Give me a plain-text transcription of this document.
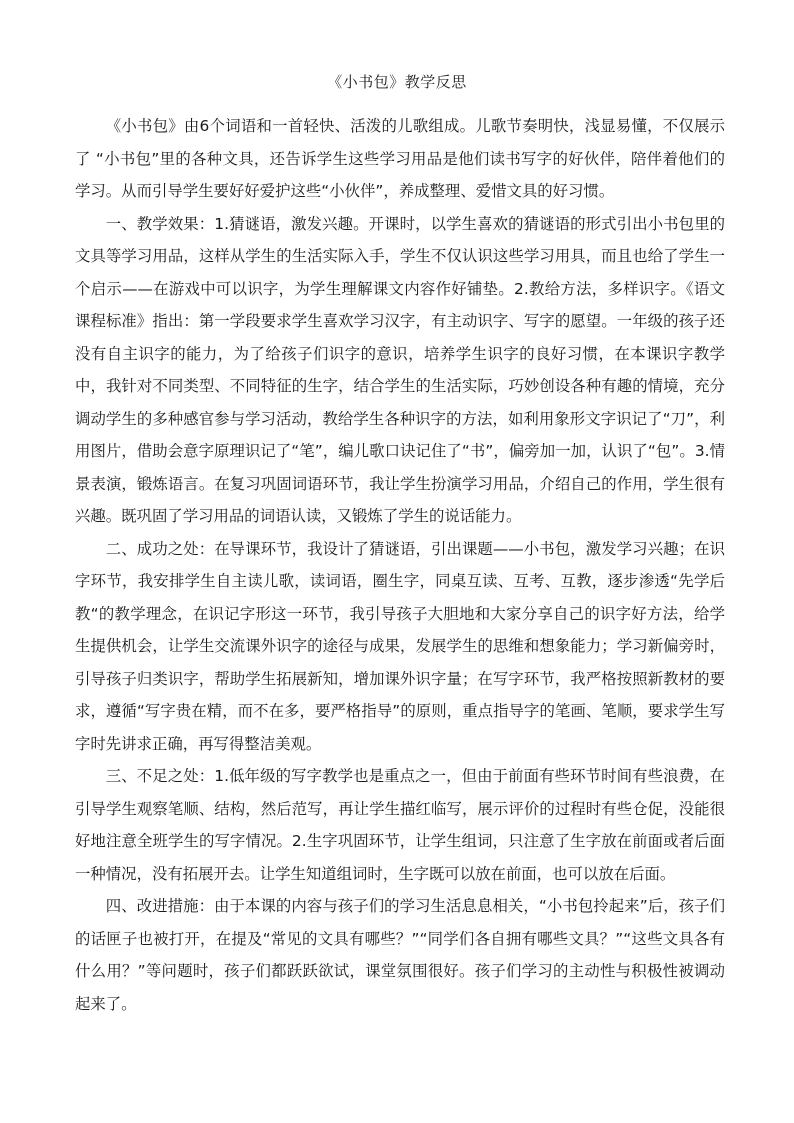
《小书包》教学反思

《小书包》由6个词语和一首轻快、活泼的儿歌组成。儿歌节奏明快，浅显易懂，不仅展示了 “小书包”里的各种文具，还告诉学生这些学习用品是他们读书写字的好伙伴，陪伴着他们的学习。从而引导学生要好好爱护这些“小伙伴”，养成整理、爱惜文具的好习惯。

一、教学效果：1.猜谜语，激发兴趣。开课时，以学生喜欢的猜谜语的形式引出小书包里的文具等学习用品，这样从学生的生活实际入手，学生不仅认识这些学习用具，而且也给了学生一个启示——在游戏中可以识字，为学生理解课文内容作好铺垫。2.教给方法，多样识字。《语文课程标准》指出：第一学段要求学生喜欢学习汉字，有主动识字、写字的愿望。一年级的孩子还没有自主识字的能力，为了给孩子们识字的意识，培养学生识字的良好习惯，在本课识字教学中，我针对不同类型、不同特征的生字，结合学生的生活实际，巧妙创设各种有趣的情境，充分调动学生的多种感官参与学习活动，教给学生各种识字的方法，如利用象形文字识记了“刀”，利用图片，借助会意字原理识记了“笔”，编儿歌口诀记住了“书”，偏旁加一加，认识了“包”。3.情景表演，锻炼语言。在复习巩固词语环节，我让学生扮演学习用品，介绍自己的作用，学生很有兴趣。既巩固了学习用品的词语认读，又锻炼了学生的说话能力。

二、成功之处：在导课环节，我设计了猜谜语，引出课题——小书包，激发学习兴趣；在识字环节，我安排学生自主读儿歌，读词语，圈生字，同桌互读、互考、互教，逐步渗透“先学后教“的教学理念，在识记字形这一环节，我引导孩子大胆地和大家分享自己的识字好方法，给学生提供机会，让学生交流课外识字的途径与成果，发展学生的思维和想象能力；学习新偏旁时，引导孩子归类识字，帮助学生拓展新知，增加课外识字量；在写字环节，我严格按照新教材的要求，遵循“写字贵在精，而不在多，要严格指导”的原则，重点指导字的笔画、笔顺，要求学生写字时先讲求正确，再写得整洁美观。

三、不足之处：1.低年级的写字教学也是重点之一，但由于前面有些环节时间有些浪费，在引导学生观察笔顺、结构，然后范写，再让学生描红临写，展示评价的过程时有些仓促，没能很好地注意全班学生的写字情况。2.生字巩固环节，让学生组词，只注意了生字放在前面或者后面一种情况，没有拓展开去。让学生知道组词时，生字既可以放在前面，也可以放在后面。

四、改进措施：由于本课的内容与孩子们的学习生活息息相关，“小书包拎起来”后，孩子们的话匣子也被打开，在提及“常见的文具有哪些？”“同学们各自拥有哪些文具？”“这些文具各有什么用？”等问题时，孩子们都跃跃欲试，课堂氛围很好。孩子们学习的主动性与积极性被调动起来了。
